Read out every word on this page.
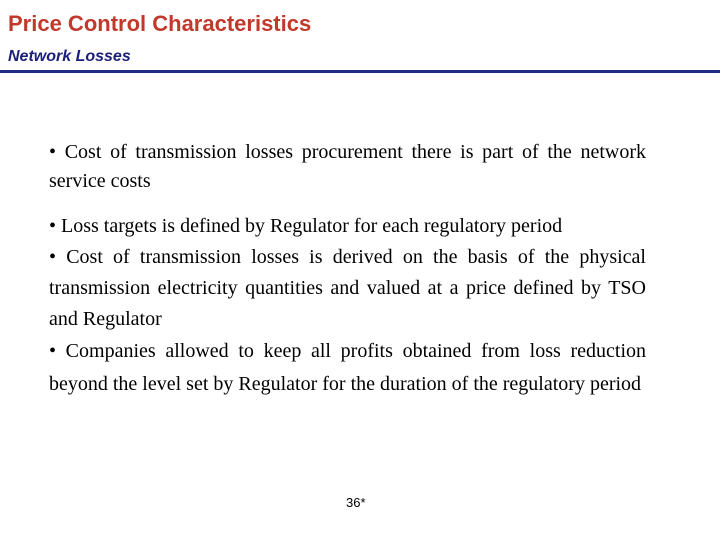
Price Control Characteristics
Network Losses

• Cost of transmission losses procurement there is part of the network service costs

• Loss targets is defined by Regulator for each regulatory period

• Cost of transmission losses is derived on the basis of the physical transmission electricity quantities and valued at a price defined by TSO and Regulator

• Companies allowed to keep all profits obtained from loss reduction beyond the level set by Regulator for the duration of the regulatory period

36*
